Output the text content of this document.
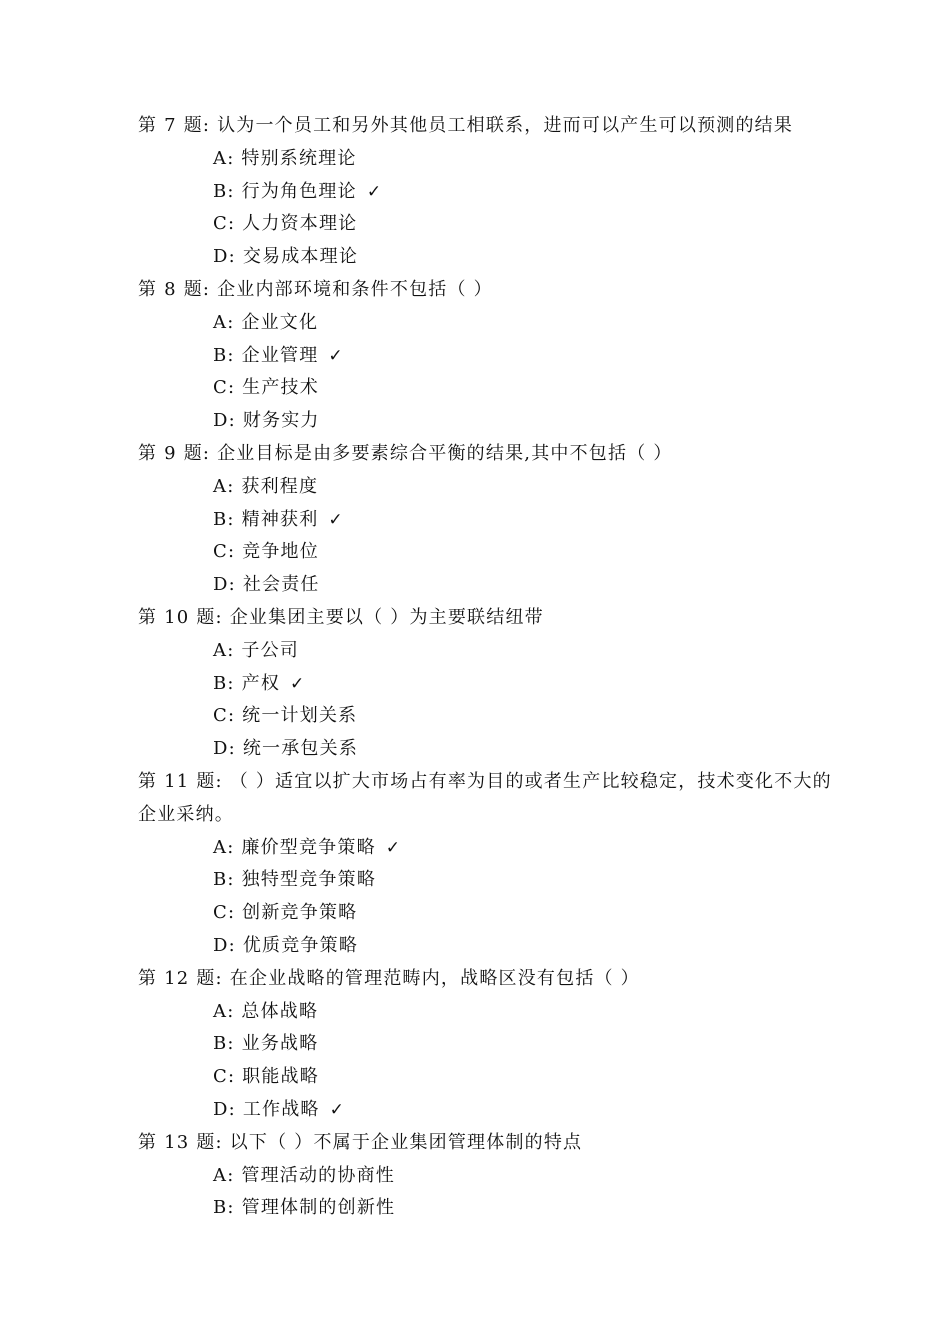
第 7 题: 认为一个员工和另外其他员工相联系，进而可以产生可以预测的结果
A: 特别系统理论
B: 行为角色理论 ✓
C: 人力资本理论
D: 交易成本理论
第 8 题: 企业内部环境和条件不包括（ ）
A: 企业文化
B: 企业管理 ✓
C: 生产技术
D: 财务实力
第 9 题: 企业目标是由多要素综合平衡的结果,其中不包括（ ）
A: 获利程度
B: 精神获利 ✓
C: 竞争地位
D: 社会责任
第 10 题: 企业集团主要以（ ）为主要联结纽带
A: 子公司
B: 产权 ✓
C: 统一计划关系
D: 统一承包关系
第 11 题: （ ）适宜以扩大市场占有率为目的或者生产比较稳定，技术变化不大的企业采纳。
A: 廉价型竞争策略 ✓
B: 独特型竞争策略
C: 创新竞争策略
D: 优质竞争策略
第 12 题: 在企业战略的管理范畴内，战略区没有包括（ ）
A: 总体战略
B: 业务战略
C: 职能战略
D: 工作战略 ✓
第 13 题: 以下（ ）不属于企业集团管理体制的特点
A: 管理活动的协商性
B: 管理体制的创新性
